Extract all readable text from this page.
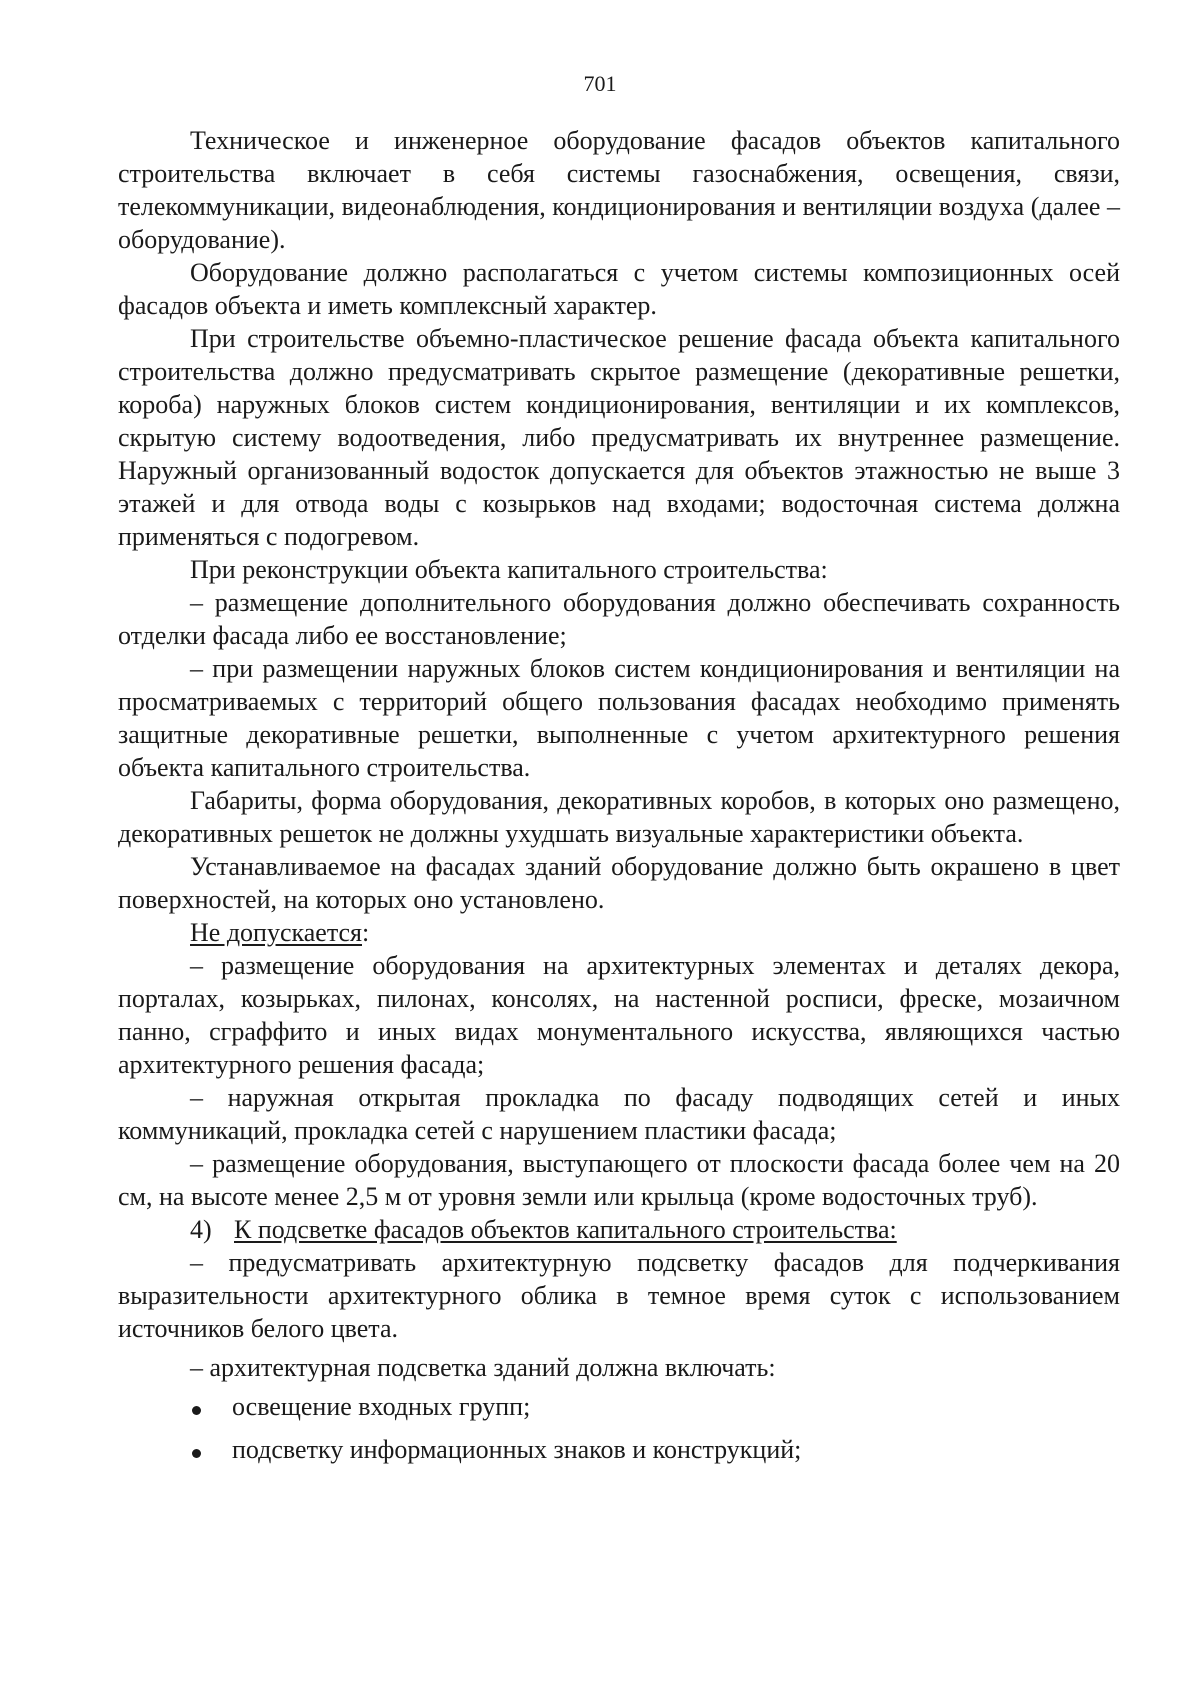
701

Техническое и инженерное оборудование фасадов объектов капитального строительства включает в себя системы газоснабжения, освещения, связи, телекоммуникации, видеонаблюдения, кондиционирования и вентиляции воздуха (далее – оборудование).

Оборудование должно располагаться с учетом системы композиционных осей фасадов объекта и иметь комплексный характер.

При строительстве объемно-пластическое решение фасада объекта капитального строительства должно предусматривать скрытое размещение (декоративные решетки, короба) наружных блоков систем кондиционирования, вентиляции и их комплексов, скрытую систему водоотведения, либо предусматривать их внутреннее размещение. Наружный организованный водосток допускается для объектов этажностью не выше 3 этажей и для отвода воды с козырьков над входами; водосточная система должна применяться с подогревом.

При реконструкции объекта капитального строительства:

– размещение дополнительного оборудования должно обеспечивать сохранность отделки фасада либо ее восстановление;

– при размещении наружных блоков систем кондиционирования и вентиляции на просматриваемых с территорий общего пользования фасадах необходимо применять защитные декоративные решетки, выполненные с учетом архитектурного решения объекта капитального строительства.

Габариты, форма оборудования, декоративных коробов, в которых оно размещено, декоративных решеток не должны ухудшать визуальные характеристики объекта.

Устанавливаемое на фасадах зданий оборудование должно быть окрашено в цвет поверхностей, на которых оно установлено.

Не допускается:

– размещение оборудования на архитектурных элементах и деталях декора, порталах, козырьках, пилонах, консолях, на настенной росписи, фреске, мозаичном панно, сграффито и иных видах монументального искусства, являющихся частью архитектурного решения фасада;

– наружная открытая прокладка по фасаду подводящих сетей и иных коммуникаций, прокладка сетей с нарушением пластики фасада;

– размещение оборудования, выступающего от плоскости фасада более чем на 20 см, на высоте менее 2,5 м от уровня земли или крыльца (кроме водосточных труб).

4) К подсветке фасадов объектов капитального строительства:

– предусматривать архитектурную подсветку фасадов для подчеркивания выразительности архитектурного облика в темное время суток с использованием источников белого цвета.

– архитектурная подсветка зданий должна включать:

освещение входных групп;
подсветку информационных знаков и конструкций;
